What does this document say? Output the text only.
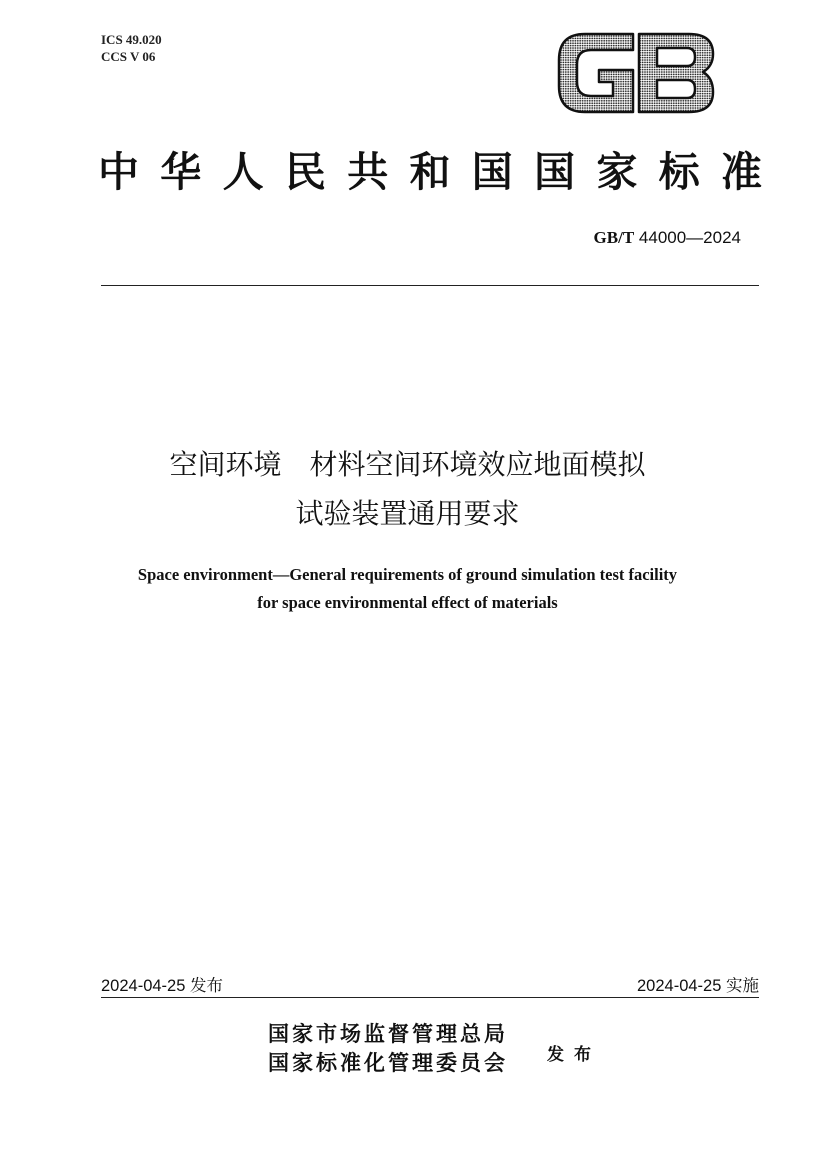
ICS 49.020
CCS V 06
中华人民共和国国家标准
GB/T 44000—2024
空间环境　材料空间环境效应地面模拟
试验装置通用要求
Space environment—General requirements of ground simulation test facility
for space environmental effect of materials
2024-04-25 发布	2024-04-25 实施
国家市场监督管理总局
国家标准化管理委员会 发布
